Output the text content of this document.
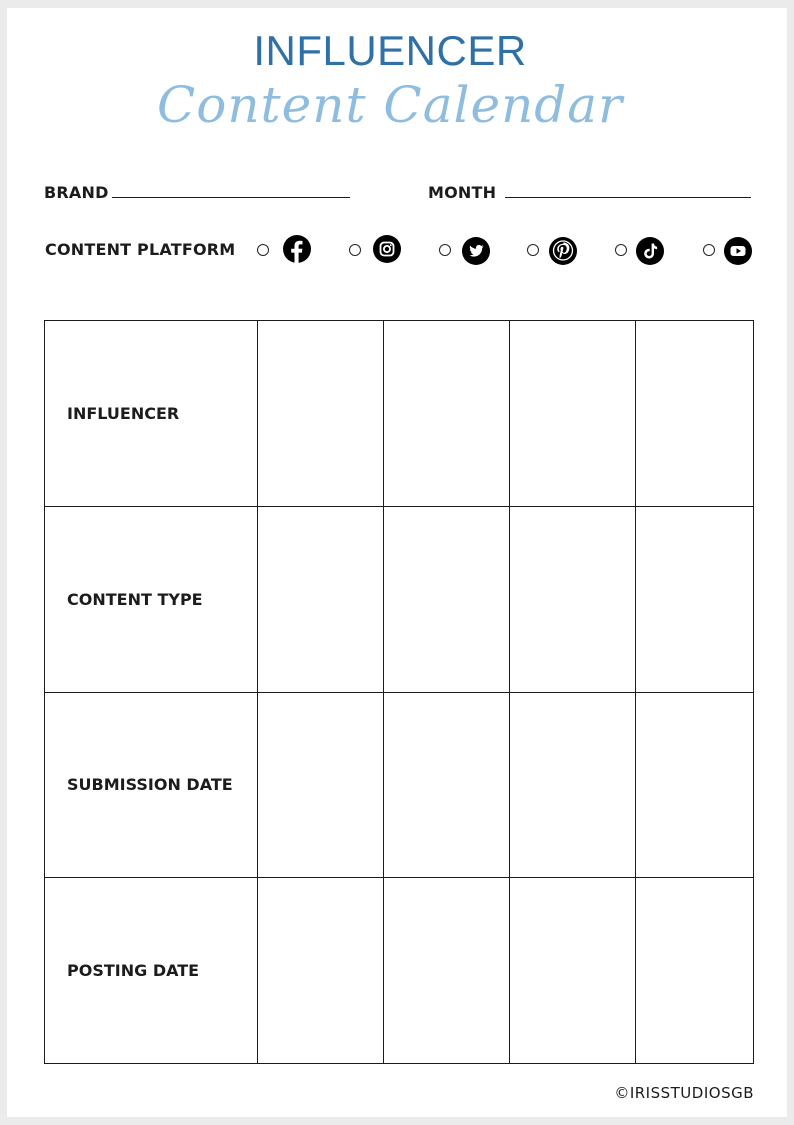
INFLUENCER
Content Calendar
BRAND	MONTH
CONTENT PLATFORM
INFLUENCER				
CONTENT TYPE				
SUBMISSION DATE				
POSTING DATE				
©IRISSTUDIOSGB
